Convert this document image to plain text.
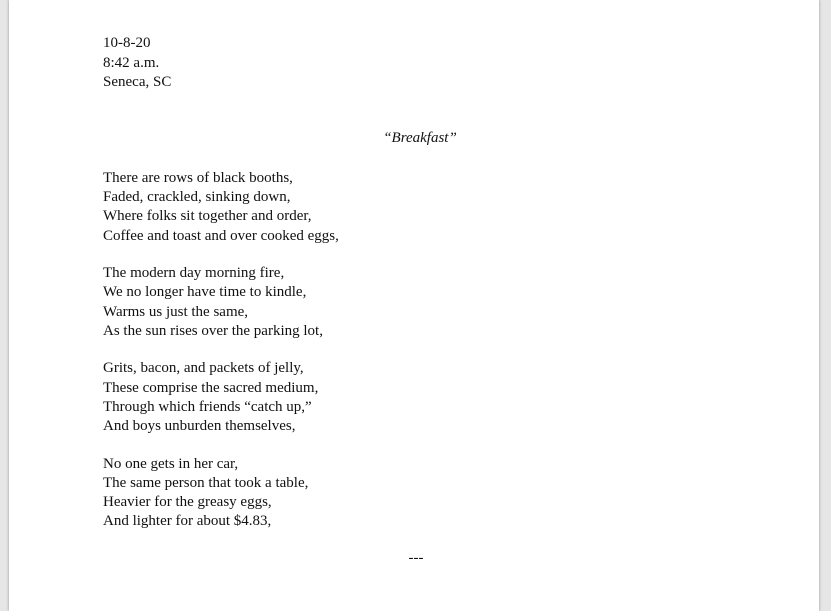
10-8-20
8:42 a.m.
Seneca, SC
“Breakfast”
There are rows of black booths,
Faded, crackled, sinking down,
Where folks sit together and order,
Coffee and toast and over cooked eggs,
The modern day morning fire,
We no longer have time to kindle,
Warms us just the same,
As the sun rises over the parking lot,
Grits, bacon, and packets of jelly,
These comprise the sacred medium,
Through which friends “catch up,”
And boys unburden themselves,
No one gets in her car,
The same person that took a table,
Heavier for the greasy eggs,
And lighter for about $4.83,
---
